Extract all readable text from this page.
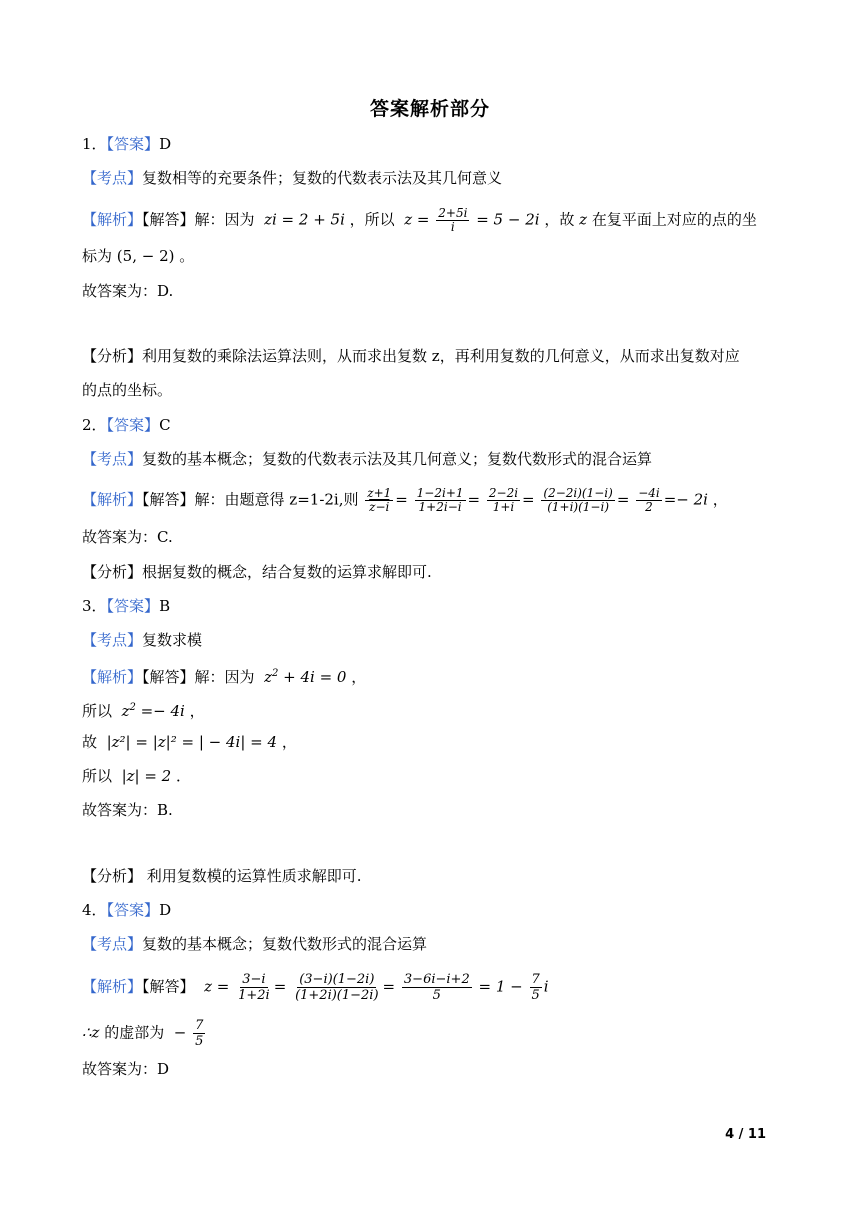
答案解析部分
1．【答案】D
【考点】复数相等的充要条件；复数的代数表示法及其几何意义
【解析】【解答】解：因为 zi = 2 + 5i ，所以 $z = \frac{2+5i}{i} = 5 - 2i$ ，故 z 在复平面上对应的点的坐
标为 (5, − 2) 。
故答案为：D.
【分析】利用复数的乘除法运算法则，从而求出复数 z，再利用复数的几何意义，从而求出复数对应
的点的坐标。
2．【答案】C
【考点】复数的基本概念；复数的代数表示法及其几何意义；复数代数形式的混合运算
【解析】【解答】解：由题意得 z=1-2i,则 $\frac{z+1}{z-i} = \frac{1-2i+1}{1+2i-i} = \frac{2-2i}{1+i} = \frac{(2-2i)(1-i)}{(1+i)(1-i)} = \frac{-4i}{2} =- 2i$ ，
故答案为：C.
【分析】根据复数的概念，结合复数的运算求解即可.
3．【答案】B
【考点】复数求模
【解析】【解答】解：因为 $z^2 + 4i = 0$ ，
所以 $z^2 =- 4i$ ，
故 |z²| = |z|² = | − 4i| = 4 ，
所以 |z| = 2 ．
故答案为：B.
【分析】 利用复数模的运算性质求解即可.
4．【答案】D
【考点】复数的基本概念；复数代数形式的混合运算
【解析】【解答】 $z = \frac{3-i}{1+2i} = \frac{(3-i)(1-2i)}{(1+2i)(1-2i)} = \frac{3-6i-i+2}{5} = 1 - \frac{7}{5}$ i
∴z 的虚部为 − $\frac{7}{5}$
故答案为：D
4 / 11
